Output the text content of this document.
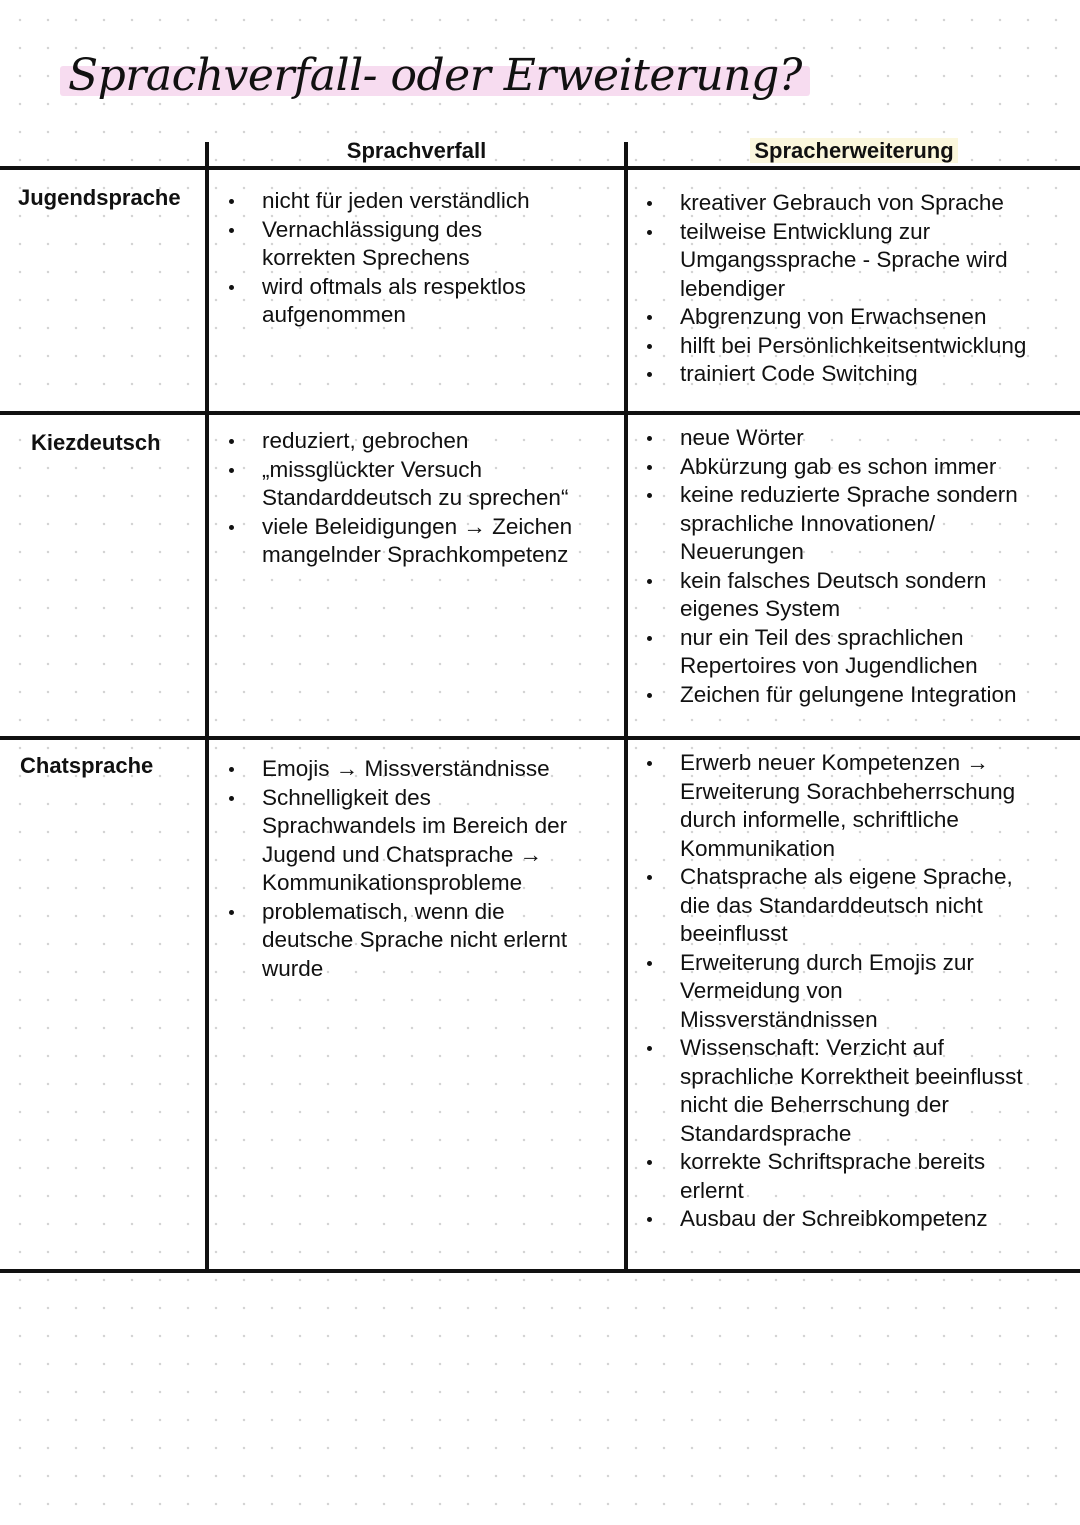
Sprachverfall- oder Erweiterung?
Sprachverfall	Spracherweiterung
Jugendsprache
Kiezdeutsch
Chatsprache
nicht für jeden verständlich
Vernachlässigung des
korrekten Sprechens
wird oftmals als respektlos
aufgenommen
kreativer Gebrauch von Sprache
teilweise Entwicklung zur
Umgangssprache - Sprache wird
lebendiger
Abgrenzung von Erwachsenen
hilft bei Persönlichkeitsentwicklung
trainiert Code Switching
reduziert, gebrochen
„missglückter Versuch
Standarddeutsch zu sprechen“
viele Beleidigungen → Zeichen
mangelnder Sprachkompetenz
neue Wörter
Abkürzung gab es schon immer
keine reduzierte Sprache sondern
sprachliche Innovationen/
Neuerungen
kein falsches Deutsch sondern
eigenes System
nur ein Teil des sprachlichen
Repertoires von Jugendlichen
Zeichen für gelungene Integration
Emojis → Missverständnisse
Schnelligkeit des
Sprachwandels im Bereich der
Jugend und Chatsprache →
Kommunikationsprobleme
problematisch, wenn die
deutsche Sprache nicht erlernt
wurde
Erwerb neuer Kompetenzen →
Erweiterung Sorachbeherrschung
durch informelle, schriftliche
Kommunikation
Chatsprache als eigene Sprache,
die das Standarddeutsch nicht
beeinflusst
Erweiterung durch Emojis zur
Vermeidung von
Missverständnissen
Wissenschaft: Verzicht auf
sprachliche Korrektheit beeinflusst
nicht die Beherrschung der
Standardsprache
korrekte Schriftsprache bereits
erlernt
Ausbau der Schreibkompetenz
